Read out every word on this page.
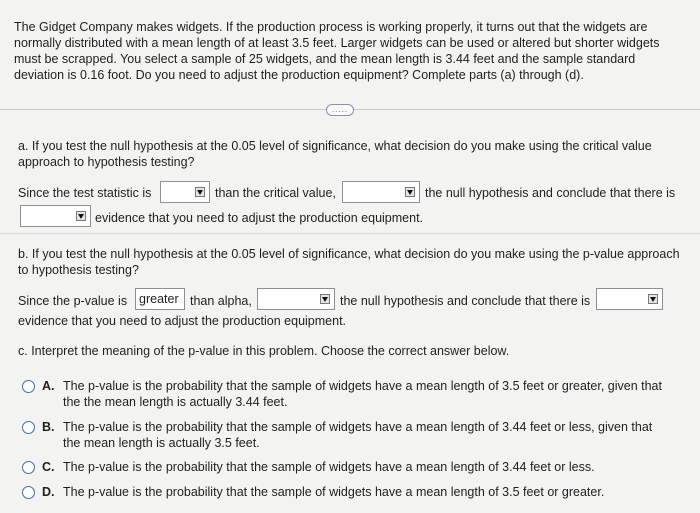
The Gidget Company makes widgets. If the production process is working properly, it turns out that the widgets are
normally distributed with a mean length of at least 3.5 feet. Larger widgets can be used or altered but shorter widgets
must be scrapped. You select a sample of 25 widgets, and the mean length is 3.44 feet and the sample standard
deviation is 0.16 foot. Do you need to adjust the production equipment? Complete parts (a) through (d).
.....
a. If you test the null hypothesis at the 0.05 level of significance, what decision do you make using the critical value
approach to hypothesis testing?
Since the test statistic is	than the critical value,	the null hypothesis and conclude that there is
evidence that you need to adjust the production equipment.
b. If you test the null hypothesis at the 0.05 level of significance, what decision do you make using the p-value approach
to hypothesis testing?
Since the p-value is greater than alpha,	the null hypothesis and conclude that there is
evidence that you need to adjust the production equipment.
c. Interpret the meaning of the p-value in this problem. Choose the correct answer below.
A. The p-value is the probability that the sample of widgets have a mean length of 3.5 feet or greater, given that
the the mean length is actually 3.44 feet.
B. The p-value is the probability that the sample of widgets have a mean length of 3.44 feet or less, given that
the mean length is actually 3.5 feet.
C. The p-value is the probability that the sample of widgets have a mean length of 3.44 feet or less.
D. The p-value is the probability that the sample of widgets have a mean length of 3.5 feet or greater.
